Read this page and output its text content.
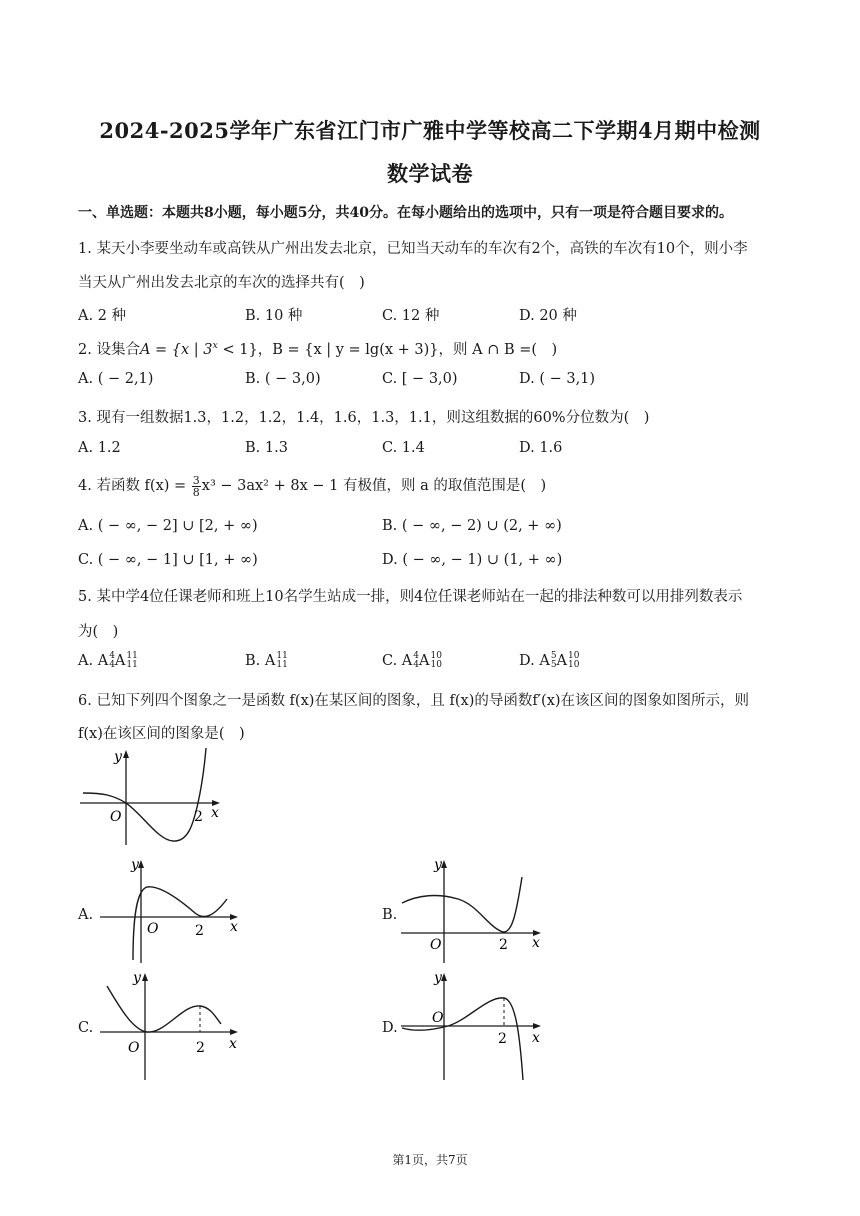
2024-2025学年广东省江门市广雅中学等校高二下学期4月期中检测
数学试卷
一、单选题：本题共8小题，每小题5分，共40分。在每小题给出的选项中，只有一项是符合题目要求的。
1. 某天小李要坐动车或高铁从广州出发去北京，已知当天动车的车次有2个，高铁的车次有10个，则小李
当天从广州出发去北京的车次的选择共有(　)
A. 2 种	B. 10 种	C. 12 种	D. 20 种
2. 设集合A = {x | $3^x < 1$}，B = {x | y = lg(x + 3)}，则 A ∩ B =(　)
A. ( − 2,1)	B. ( − 3,0)	C. [ − 3,0)	D. ( − 3,1)
3. 现有一组数据1.3，1.2，1.2，1.4，1.6，1.3，1.1，则这组数据的60%分位数为(　)
A. 1.2	B. 1.3	C. 1.4	D. 1.6
4. 若函数 $f(x) = \frac{3}{8} x^3 - 3ax^2 + 8x - 1$ 有极值，则 a 的取值范围是(　)
A. ( − ∞, − 2] ∪ [2, + ∞)	B. ( − ∞, − 2) ∪ (2, + ∞)
C. ( − ∞, − 1] ∪ [1, + ∞)	D. ( − ∞, − 1) ∪ (1, + ∞)
5. 某中学4位任课老师和班上10名学生站成一排，则4位任课老师站在一起的排法种数可以用排列数表示
为(　)
A. A 4
4 A 11
11	B. A 11
11	C. A 4
4 A 10
10	D. A 5
5 A 10
10
6. 已知下列四个图象之一是函数 f(x)在某区间的图象，且 f(x)的导函数f′(x)在该区间的图象如图所示，则
f(x)在该区间的图象是(　)
y
O	2 x
A.
y
O	2 x
B.
y
O	2 x
C.
y
O	2 x
D.
y
O
2 x
第1页，共7页
